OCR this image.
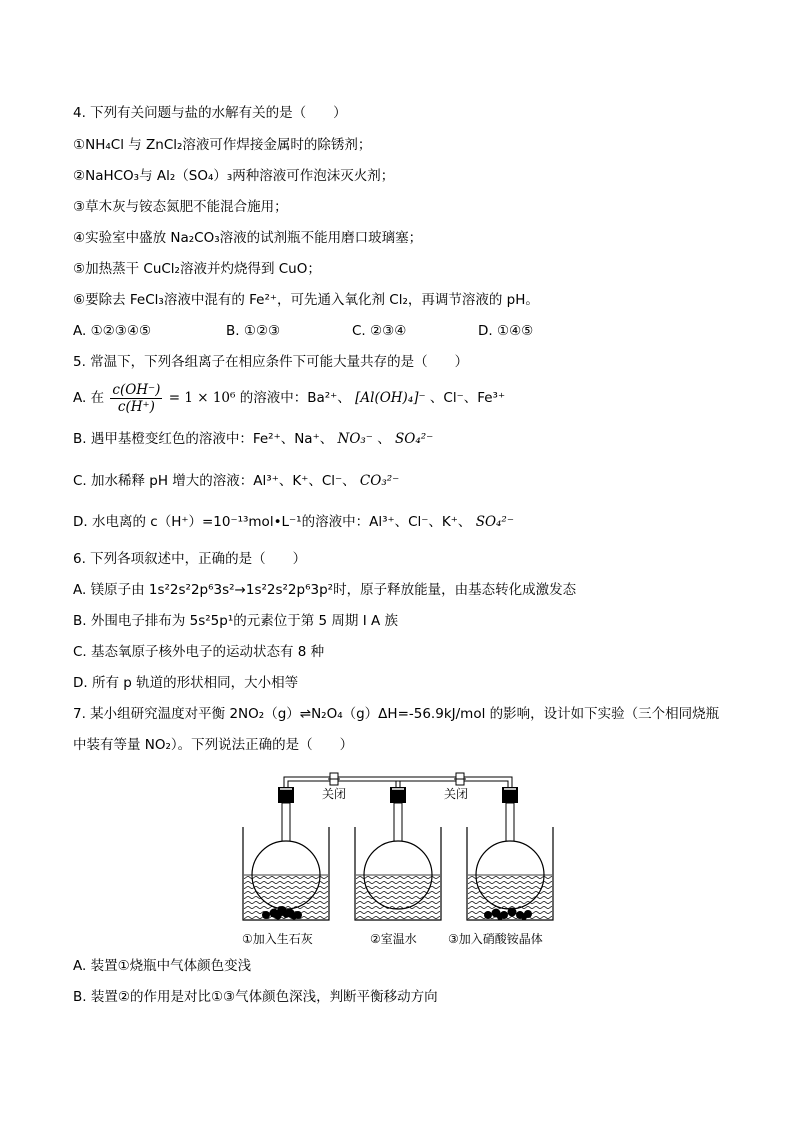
4. 下列有关问题与盐的水解有关的是（　　）
①NH₄Cl 与 ZnCl₂溶液可作焊接金属时的除锈剂；
②NaHCO₃与 Al₂（SO₄）₃两种溶液可作泡沫灭火剂；
③草木灰与铵态氮肥不能混合施用；
④实验室中盛放 Na₂CO₃溶液的试剂瓶不能用磨口玻璃塞；
⑤加热蒸干 CuCl₂溶液并灼烧得到 CuO；
⑥要除去 FeCl₃溶液中混有的 Fe²⁺，可先通入氧化剂 Cl₂，再调节溶液的 pH。
A. ①②③④⑤	B. ①②③	C. ②③④	D. ①④⑤
5. 常温下，下列各组离子在相应条件下可能大量共存的是（　　）
A. 在 $\frac{c(OH^-)}{c(H^+)} = 1 \times 10^6$ 的溶液中：Ba²⁺、 [Al(OH)₄]⁻ 、Cl⁻、Fe³⁺
B. 遇甲基橙变红色的溶液中：Fe²⁺、Na⁺、 NO₃⁻ 、 SO₄²⁻
C. 加水稀释 pH 增大的溶液：Al³⁺、K⁺、Cl⁻、 CO₃²⁻
D. 水电离的 c（H⁺）=10⁻¹³mol•L⁻¹的溶液中：Al³⁺、Cl⁻、K⁺、 SO₄²⁻
6. 下列各项叙述中，正确的是（　　）
A. 镁原子由 1s²2s²2p⁶3s²→1s²2s²2p⁶3p²时，原子释放能量，由基态转化成激发态
B. 外围电子排布为 5s²5p¹的元素位于第 5 周期 I A 族
C. 基态氧原子核外电子的运动状态有 8 种
D. 所有 p 轨道的形状相同，大小相等
7. 某小组研究温度对平衡 2NO₂（g）⇌N₂O₄（g）ΔH=-56.9kJ/mol 的影响，设计如下实验（三个相同烧瓶
中装有等量 NO₂）。下列说法正确的是（　　）
关闭	关闭
①加入生石灰	②室温水	③加入硝酸铵晶体
A. 装置①烧瓶中气体颜色变浅
B. 装置②的作用是对比①③气体颜色深浅，判断平衡移动方向
